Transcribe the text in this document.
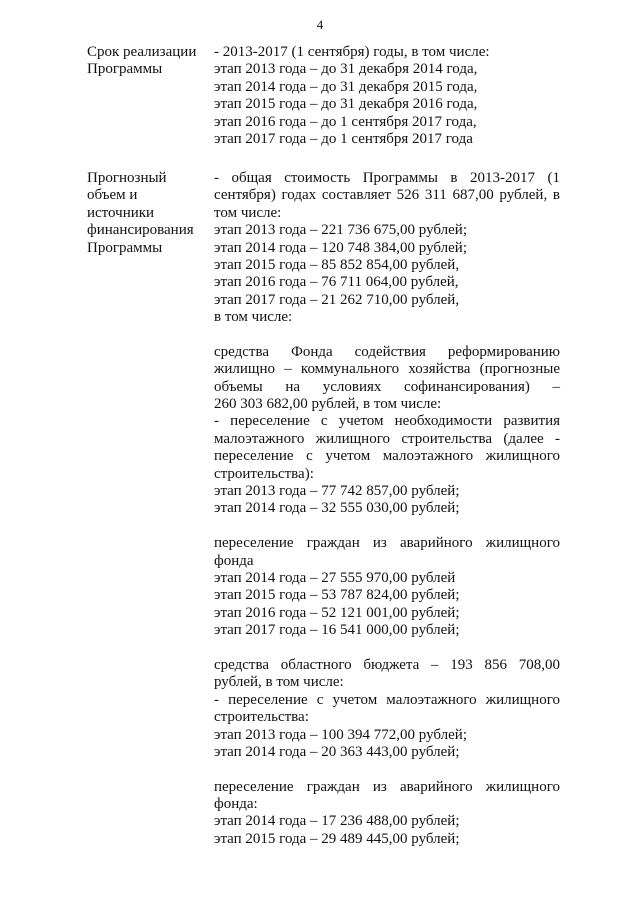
4
Срок реализации
Программы
- 2013-2017 (1 сентября) годы, в том числе:
этап 2013 года – до 31 декабря 2014 года,
этап 2014 года – до 31 декабря 2015 года,
этап 2015 года – до 31 декабря 2016 года,
этап 2016 года – до 1 сентября 2017 года,
этап 2017 года – до 1 сентября 2017 года
Прогнозный
объем и
источники
финансирования
Программы
- общая стоимость Программы в 2013-2017 (1
сентября) годах составляет 526 311 687,00 рублей, в
том числе:
этап 2013 года – 221 736 675,00 рублей;
этап 2014 года – 120 748 384,00 рублей;
этап 2015 года – 85 852 854,00 рублей,
этап 2016 года – 76 711 064,00 рублей,
этап 2017 года – 21 262 710,00 рублей,
в том числе:
средства Фонда содействия реформированию
жилищно – коммунального хозяйства (прогнозные
объемы на условиях софинансирования) –
260 303 682,00 рублей, в том числе:
- переселение с учетом необходимости развития
малоэтажного жилищного строительства (далее -
переселение с учетом малоэтажного жилищного
строительства):
этап 2013 года – 77 742 857,00 рублей;
этап 2014 года – 32 555 030,00 рублей;
переселение граждан из аварийного жилищного
фонда
этап 2014 года – 27 555 970,00 рублей
этап 2015 года – 53 787 824,00 рублей;
этап 2016 года – 52 121 001,00 рублей;
этап 2017 года – 16 541 000,00 рублей;
средства областного бюджета – 193 856 708,00
рублей, в том числе:
- переселение с учетом малоэтажного жилищного
строительства:
этап 2013 года – 100 394 772,00 рублей;
этап 2014 года – 20 363 443,00 рублей;
переселение граждан из аварийного жилищного
фонда:
этап 2014 года – 17 236 488,00 рублей;
этап 2015 года – 29 489 445,00 рублей;
